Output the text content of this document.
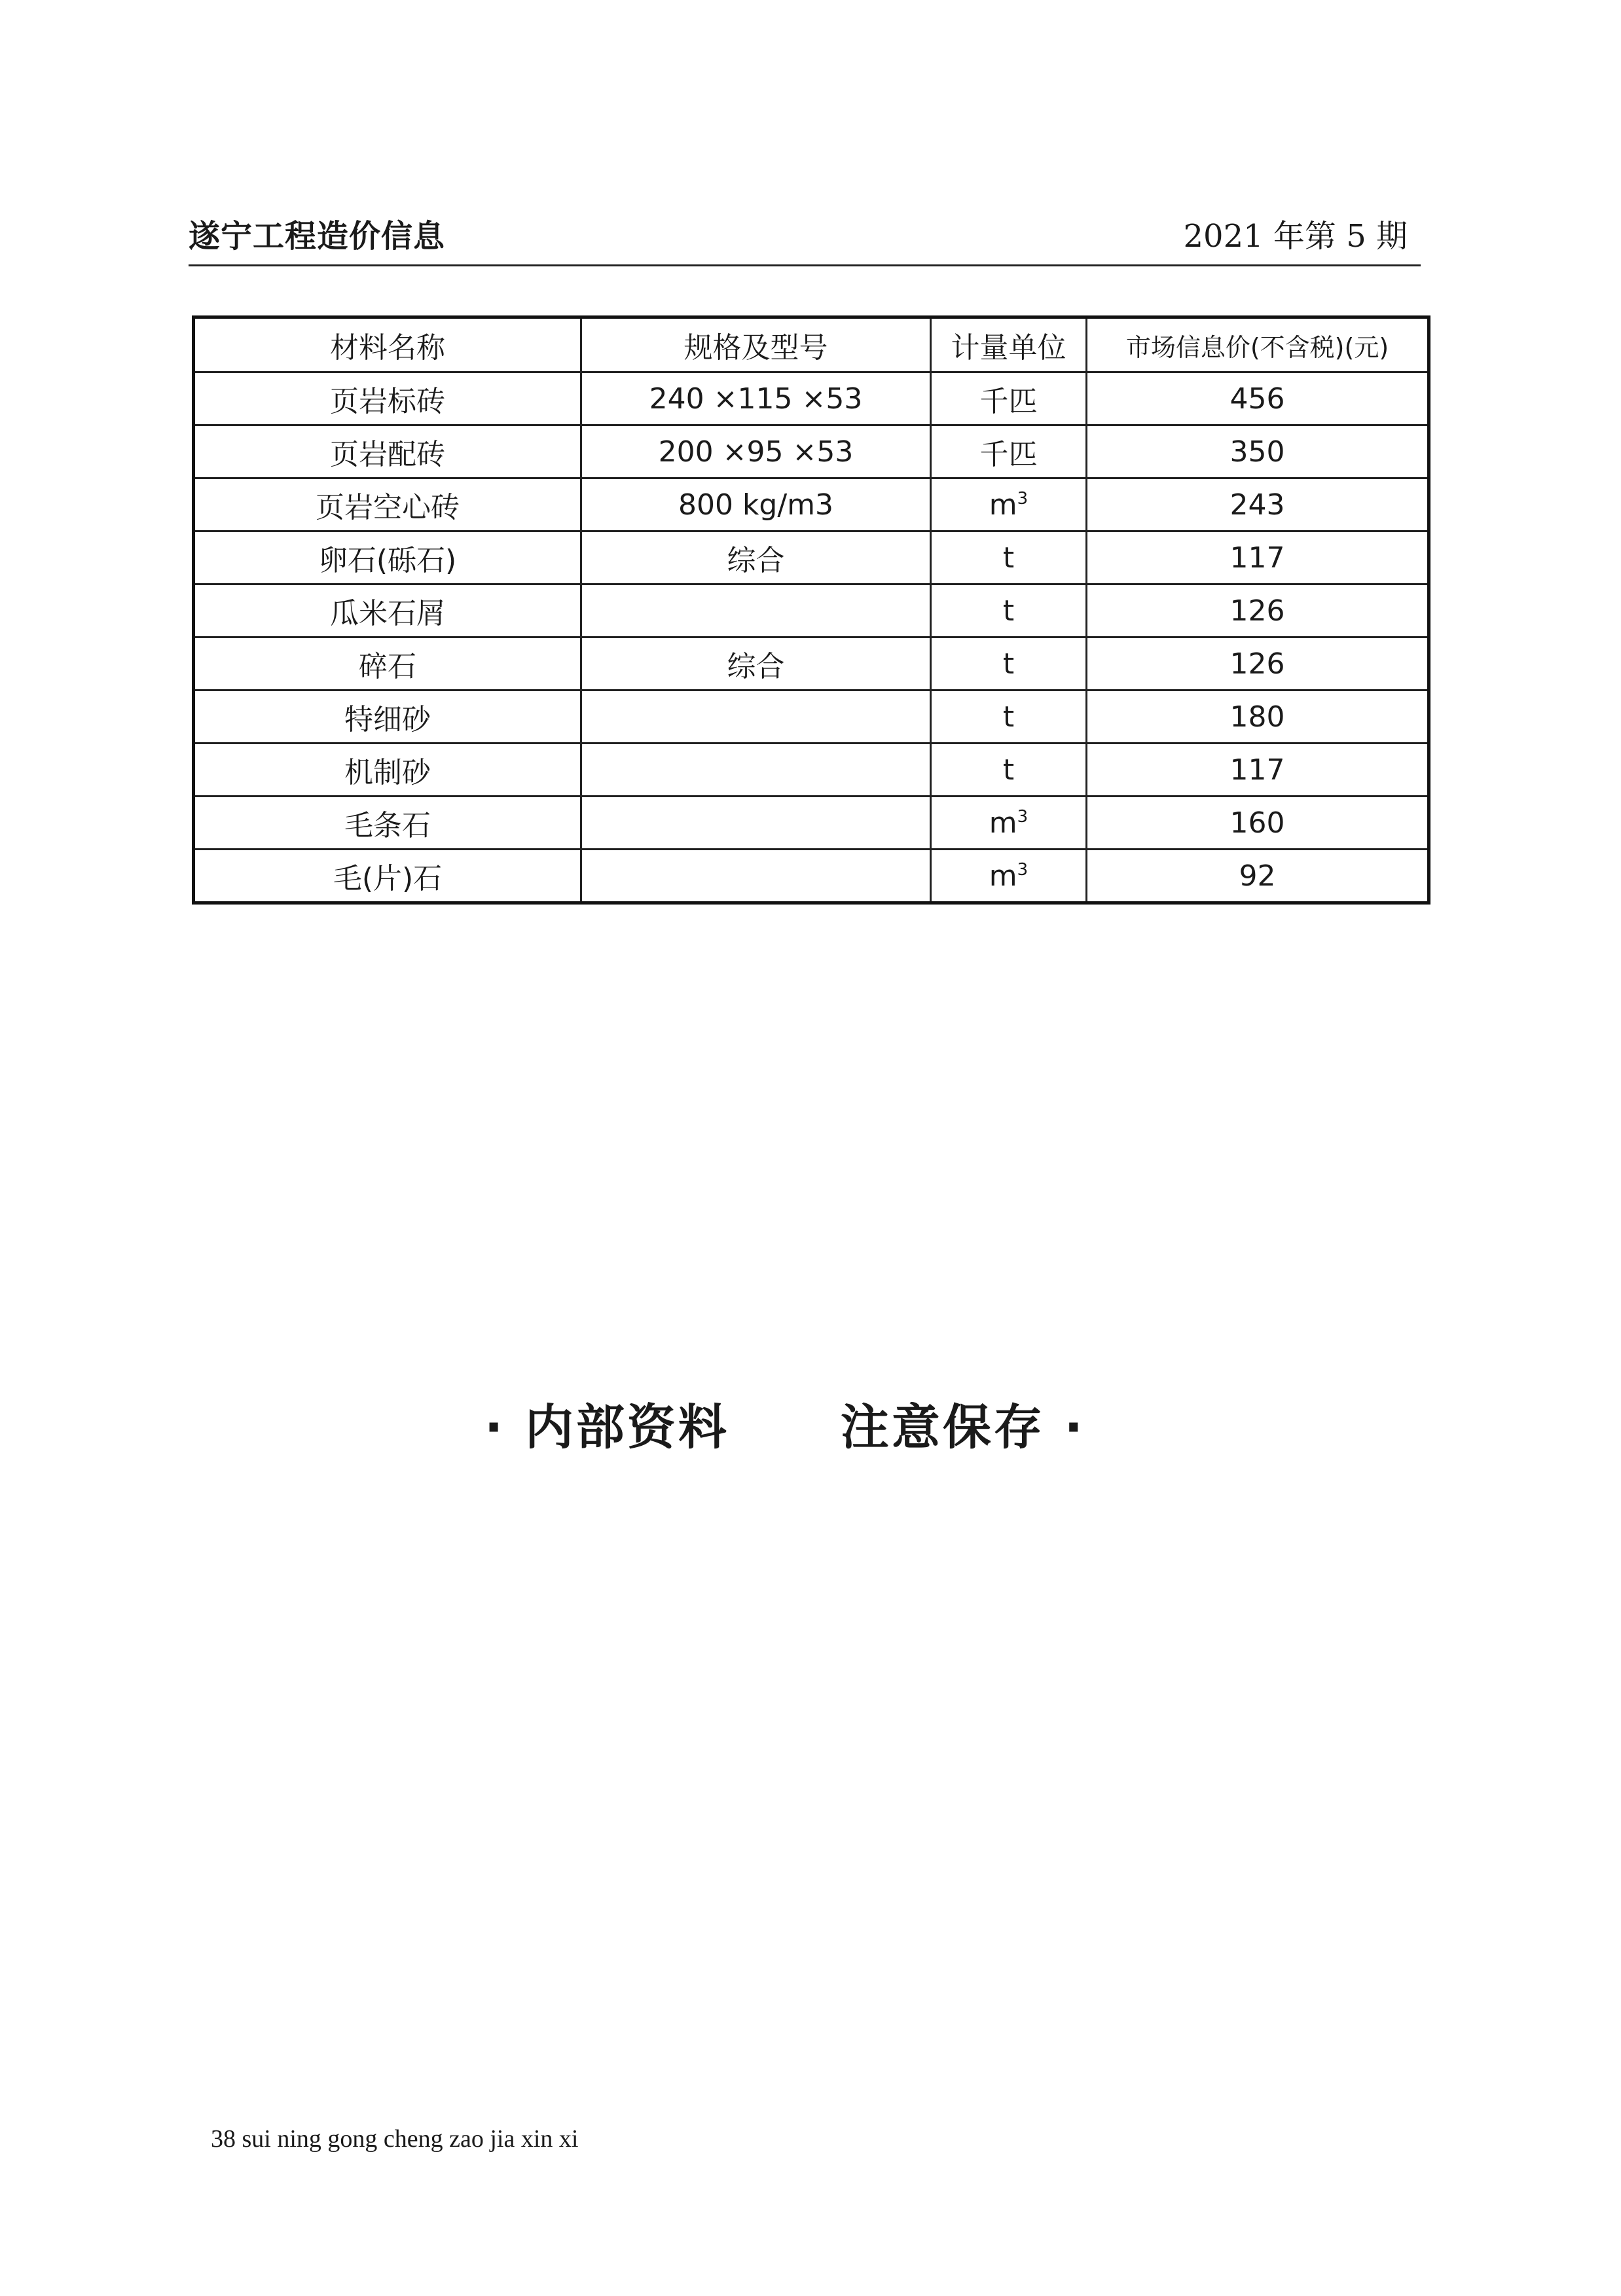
遂宁工程造价信息	2021 年第 5 期
材料名称	规格及型号	计量单位	市场信息价(不含税)(元)
页岩标砖	240 ×115 ×53	千匹	456
页岩配砖	200 ×95 ×53	千匹	350
页岩空心砖	800 kg/m3	$m^3$	243
卵石(砾石)	综合	t	117
瓜米石屑		t	126
碎石	综合	t	126
特细砂		t	180
机制砂		t	117
毛条石		$m^3$	160
毛(片)石		$m^3$	92
· 内部资料 注意保存 ·
38 sui ning gong cheng zao jia xin xi
